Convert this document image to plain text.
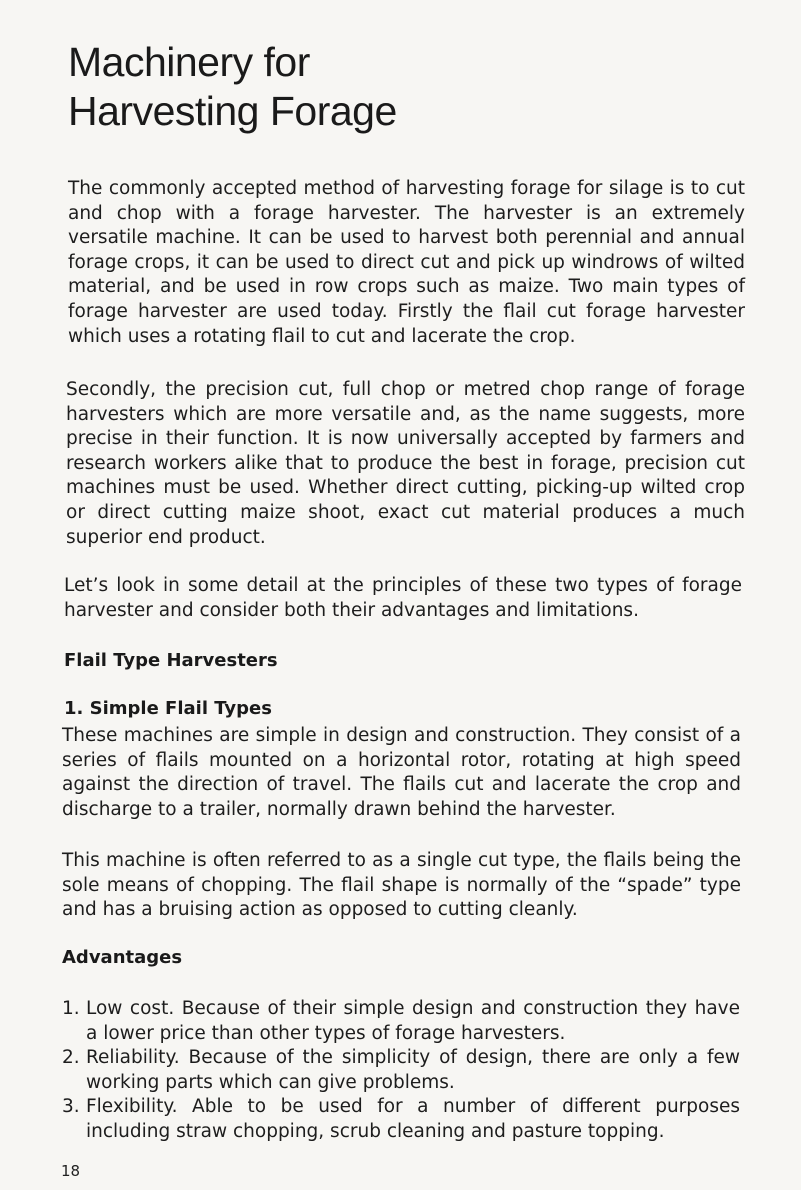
Machinery for
Harvesting Forage

The commonly accepted method of harvesting forage for silage is to cut and chop with a forage harvester. The harvester is an extremely versatile machine. It can be used to harvest both perennial and annual forage crops, it can be used to direct cut and pick up windrows of wilted material, and be used in row crops such as maize. Two main types of forage harvester are used today. Firstly the flail cut forage harvester which uses a rotating flail to cut and lacerate the crop.

Secondly, the precision cut, full chop or metred chop range of forage harvesters which are more versatile and, as the name suggests, more precise in their function. It is now universally accepted by farmers and research workers alike that to produce the best in forage, precision cut machines must be used. Whether direct cutting, picking-up wilted crop or direct cutting maize shoot, exact cut material produces a much superior end product.

Let’s look in some detail at the principles of these two types of forage harvester and consider both their advantages and limitations.

Flail Type Harvesters
1. Simple Flail Types

These machines are simple in design and construction. They consist of a series of flails mounted on a horizontal rotor, rotating at high speed against the direction of travel. The flails cut and lacerate the crop and discharge to a trailer, normally drawn behind the harvester.

This machine is often referred to as a single cut type, the flails being the sole means of chopping. The flail shape is normally of the “spade” type and has a bruising action as opposed to cutting cleanly.

Advantages
1. Low cost. Because of their simple design and construction they have a lower price than other types of forage harvesters.
2. Reliability. Because of the simplicity of design, there are only a few working parts which can give problems.
3. Flexibility. Able to be used for a number of different purposes including straw chopping, scrub cleaning and pasture topping.
18
